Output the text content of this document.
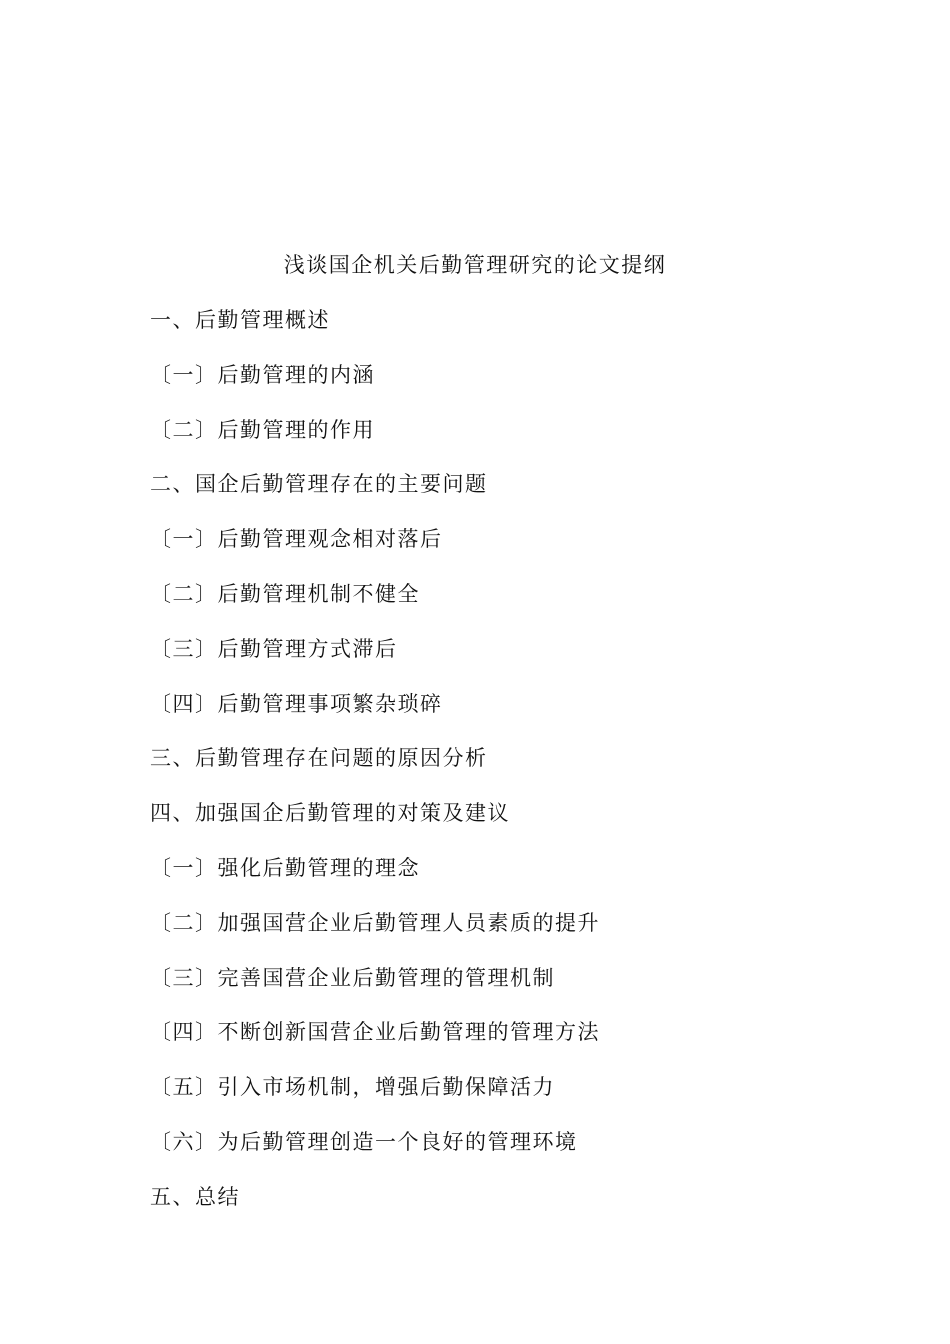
浅谈国企机关后勤管理研究的论文提纲
一、后勤管理概述
〔一〕后勤管理的内涵
〔二〕后勤管理的作用
二、国企后勤管理存在的主要问题
〔一〕后勤管理观念相对落后
〔二〕后勤管理机制不健全
〔三〕后勤管理方式滞后
〔四〕后勤管理事项繁杂琐碎
三、后勤管理存在问题的原因分析
四、加强国企后勤管理的对策及建议
〔一〕强化后勤管理的理念
〔二〕加强国营企业后勤管理人员素质的提升
〔三〕完善国营企业后勤管理的管理机制
〔四〕不断创新国营企业后勤管理的管理方法
〔五〕引入市场机制，增强后勤保障活力
〔六〕为后勤管理创造一个良好的管理环境
五、总结
